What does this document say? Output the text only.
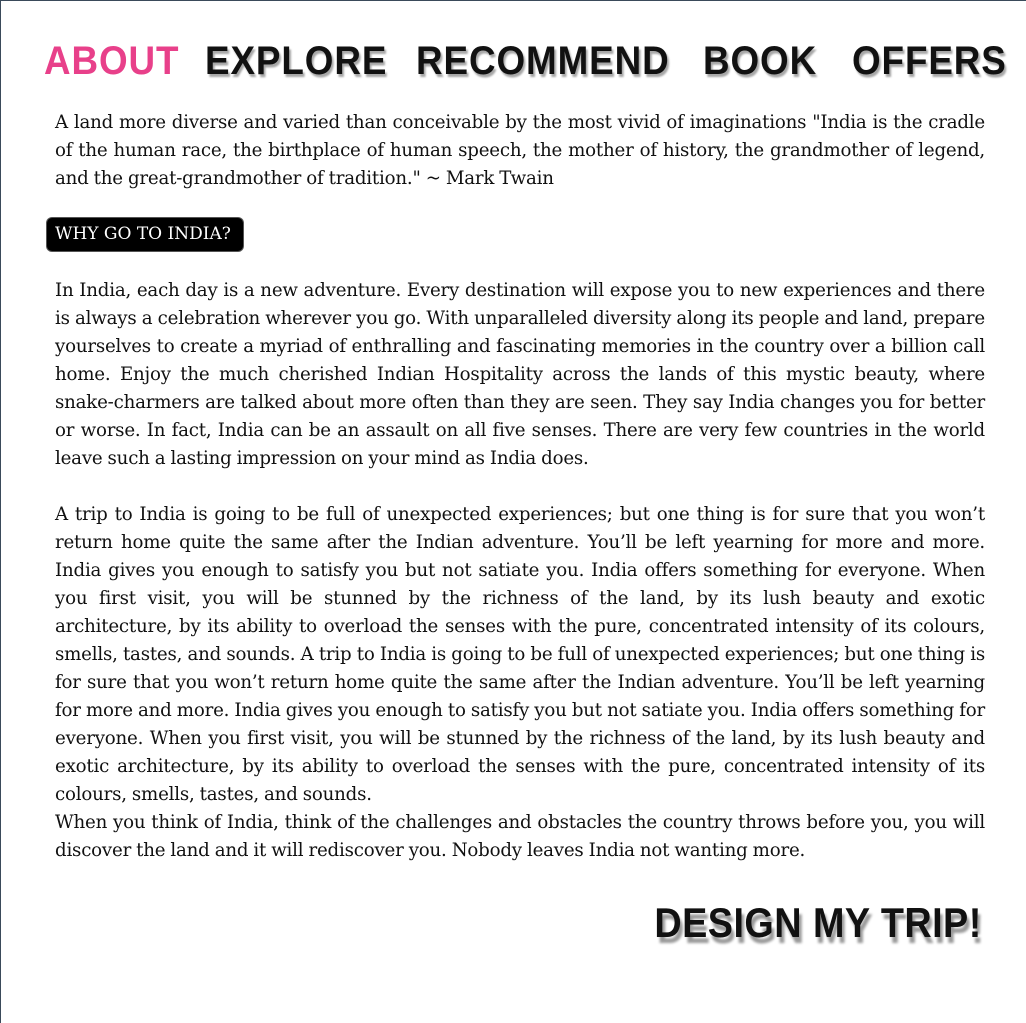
ABOUT EXPLORE RECOMMEND BOOK OFFERS

A land more diverse and varied than conceivable by the most vivid of imaginations "India is the cradle of the human race, the birthplace of human speech, the mother of history, the grandmother of legend, and the great-grandmother of tradition." ~ Mark Twain

WHY GO TO INDIA?

In India, each day is a new adventure. Every destination will expose you to new experiences and there is always a celebration wherever you go. With unparalleled diversity along its people and land, prepare yourselves to create a myriad of enthralling and fascinating memories in the country over a billion call home. Enjoy the much cherished Indian Hospitality across the lands of this mystic beauty, where snake-charmers are talked about more often than they are seen. They say India changes you for better or worse. In fact, India can be an assault on all five senses. There are very few countries in the world leave such a lasting impression on your mind as India does.

A trip to India is going to be full of unexpected experiences; but one thing is for sure that you won’t return home quite the same after the Indian adventure. You’ll be left yearning for more and more. India gives you enough to satisfy you but not satiate you. India offers something for everyone. When you first visit, you will be stunned by the richness of the land, by its lush beauty and exotic architecture, by its ability to overload the senses with the pure, concentrated intensity of its colours, smells, tastes, and sounds. A trip to India is going to be full of unexpected experiences; but one thing is for sure that you won’t return home quite the same after the Indian adventure. You’ll be left yearning for more and more. India gives you enough to satisfy you but not satiate you. India offers something for everyone. When you first visit, you will be stunned by the richness of the land, by its lush beauty and exotic architecture, by its ability to overload the senses with the pure, concentrated intensity of its colours, smells, tastes, and sounds.

When you think of India, think of the challenges and obstacles the country throws before you, you will discover the land and it will rediscover you. Nobody leaves India not wanting more.

DESIGN MY TRIP!
